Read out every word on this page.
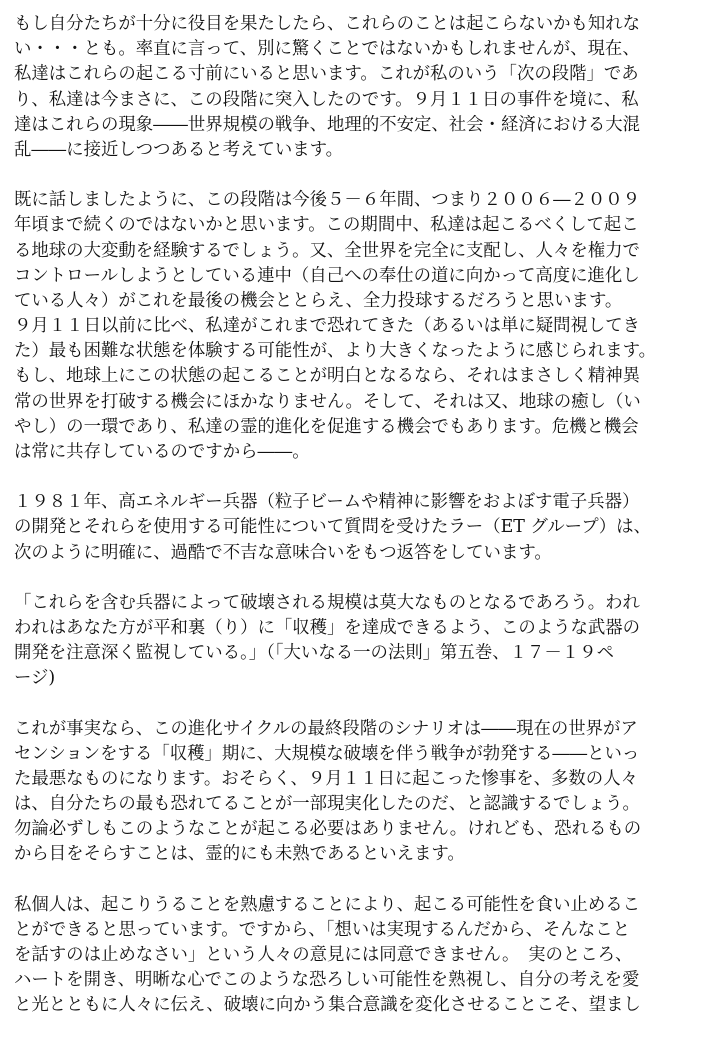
もし自分たちが十分に役目を果たしたら、これらのことは起こらないかも知れな
い・・・とも。率直に言って、別に驚くことではないかもしれませんが、現在、
私達はこれらの起こる寸前にいると思います。これが私のいう「次の段階」であ
り、私達は今まさに、この段階に突入したのです。９月１１日の事件を境に、私
達はこれらの現象――世界規模の戦争、地理的不安定、社会・経済における大混
乱――に接近しつつあると考えています。
既に話しましたように、この段階は今後５－６年間、つまり２００６―２００９
年頃まで続くのではないかと思います。この期間中、私達は起こるべくして起こ
る地球の大変動を経験するでしょう。又、全世界を完全に支配し、人々を権力で
コントロールしようとしている連中（自己への奉仕の道に向かって高度に進化し
ている人々）がこれを最後の機会ととらえ、全力投球するだろうと思います。
９月１１日以前に比べ、私達がこれまで恐れてきた（あるいは単に疑問視してき
た）最も困難な状態を体験する可能性が、より大きくなったように感じられます。
もし、地球上にこの状態の起こることが明白となるなら、それはまさしく精神異
常の世界を打破する機会にほかなりません。そして、それは又、地球の癒し（い
やし）の一環であり、私達の霊的進化を促進する機会でもあります。危機と機会
は常に共存しているのですから――。
１９８１年、高エネルギー兵器（粒子ビームや精神に影響をおよぼす電子兵器）
の開発とそれらを使用する可能性について質問を受けたラー（ET グループ）は、
次のように明確に、過酷で不吉な意味合いをもつ返答をしています。
「これらを含む兵器によって破壊される規模は莫大なものとなるであろう。われ
われはあなた方が平和裏（り）に「収穫」を達成できるよう、このような武器の
開発を注意深く監視している。」（「大いなる一の法則」第五巻、１７－１９ペ
ージ)
これが事実なら、この進化サイクルの最終段階のシナリオは――現在の世界がア
センションをする「収穫」期に、大規模な破壊を伴う戦争が勃発する――といっ
た最悪なものになります。おそらく、９月１１日に起こった惨事を、多数の人々
は、自分たちの最も恐れてることが一部現実化したのだ、と認識するでしょう。
勿論必ずしもこのようなことが起こる必要はありません。けれども、恐れるもの
から目をそらすことは、霊的にも未熟であるといえます。
私個人は、起こりうることを熟慮することにより、起こる可能性を食い止めるこ
とができると思っています。ですから、「想いは実現するんだから、そんなこと
を話すのは止めなさい」という人々の意見には同意できません。　実のところ、
ハートを開き、明晰な心でこのような恐ろしい可能性を熟視し、自分の考えを愛
と光とともに人々に伝え、破壊に向かう集合意識を変化させることこそ、望まし
